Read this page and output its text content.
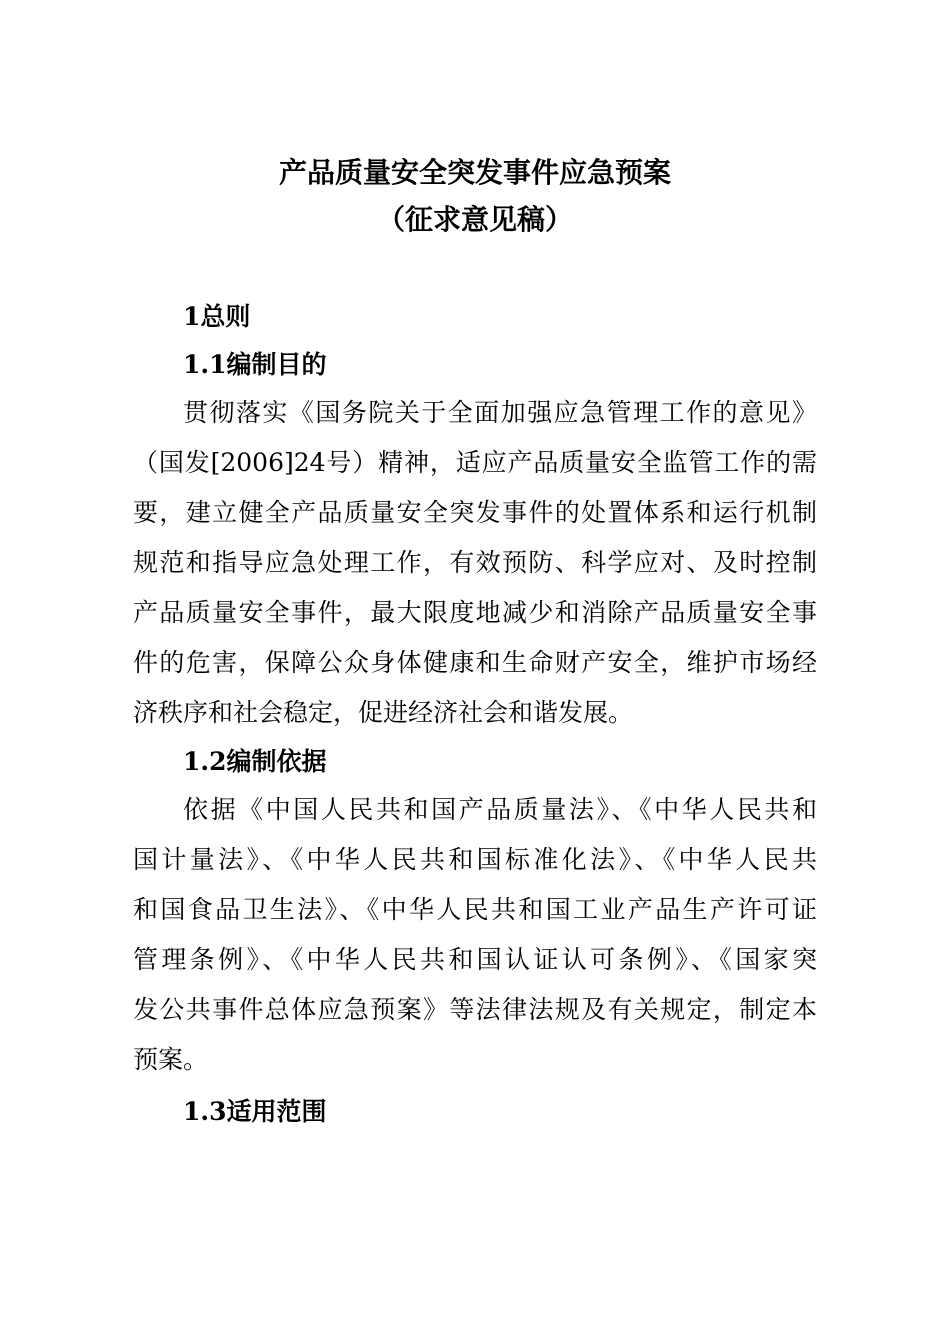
产品质量安全突发事件应急预案
（征求意见稿）
1总则
1.1编制目的
贯彻落实《国务院关于全面加强应急管理工作的意见》
（国发[2006]24号）精神，适应产品质量安全监管工作的需
要，建立健全产品质量安全突发事件的处置体系和运行机制
规范和指导应急处理工作，有效预防、科学应对、及时控制
产品质量安全事件，最大限度地减少和消除产品质量安全事
件的危害，保障公众身体健康和生命财产安全，维护市场经
济秩序和社会稳定，促进经济社会和谐发展。
1.2编制依据
依据《中国人民共和国产品质量法》、《中华人民共和
国计量法》、《中华人民共和国标准化法》、《中华人民共
和国食品卫生法》、《中华人民共和国工业产品生产许可证
管理条例》、《中华人民共和国认证认可条例》、《国家突
发公共事件总体应急预案》等法律法规及有关规定，制定本
预案。
1.3适用范围
